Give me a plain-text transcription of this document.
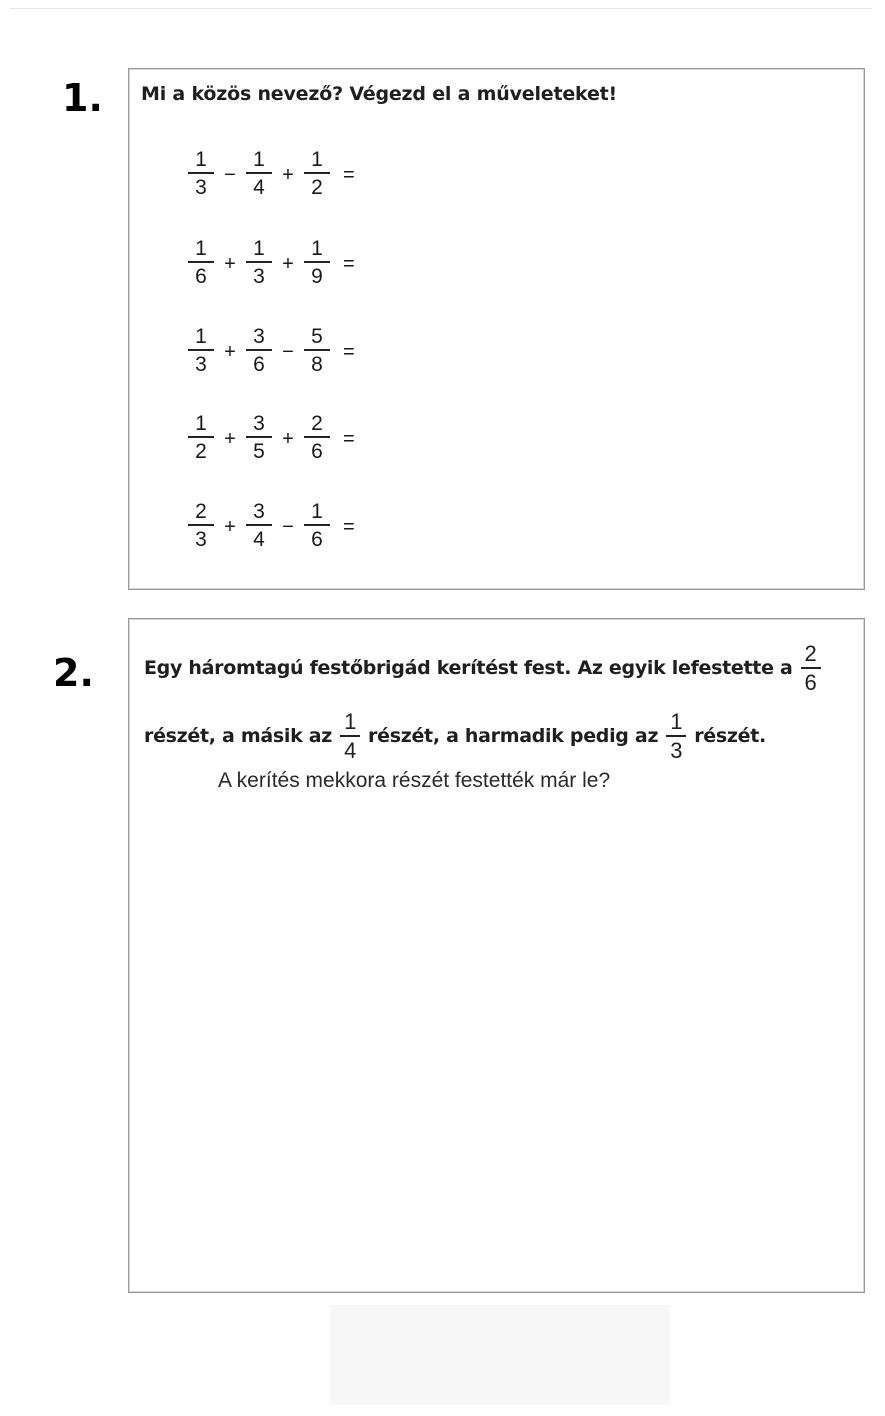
1. Mi a közös nevező? Végezd el a műveleteket!
$\frac{1}{3} - \frac{1}{4} + \frac{1}{2}$ =
$\frac{1}{6} + \frac{1}{3} + \frac{1}{9}$ =
$\frac{1}{3} + \frac{3}{6} - \frac{5}{8}$ =
$\frac{1}{2} + \frac{3}{5} + \frac{2}{6}$ =
$\frac{2}{3} + \frac{3}{4} - \frac{1}{6}$ =
2.	Egy háromtagú festőbrigád kerítést fest. Az egyik lefestette a $\frac{2}{6}$
részét, a másik az $\frac{1}{4}$ részét, a harmadik pedig az $\frac{1}{3}$ részét.
A kerítés mekkora részét festették már le?
